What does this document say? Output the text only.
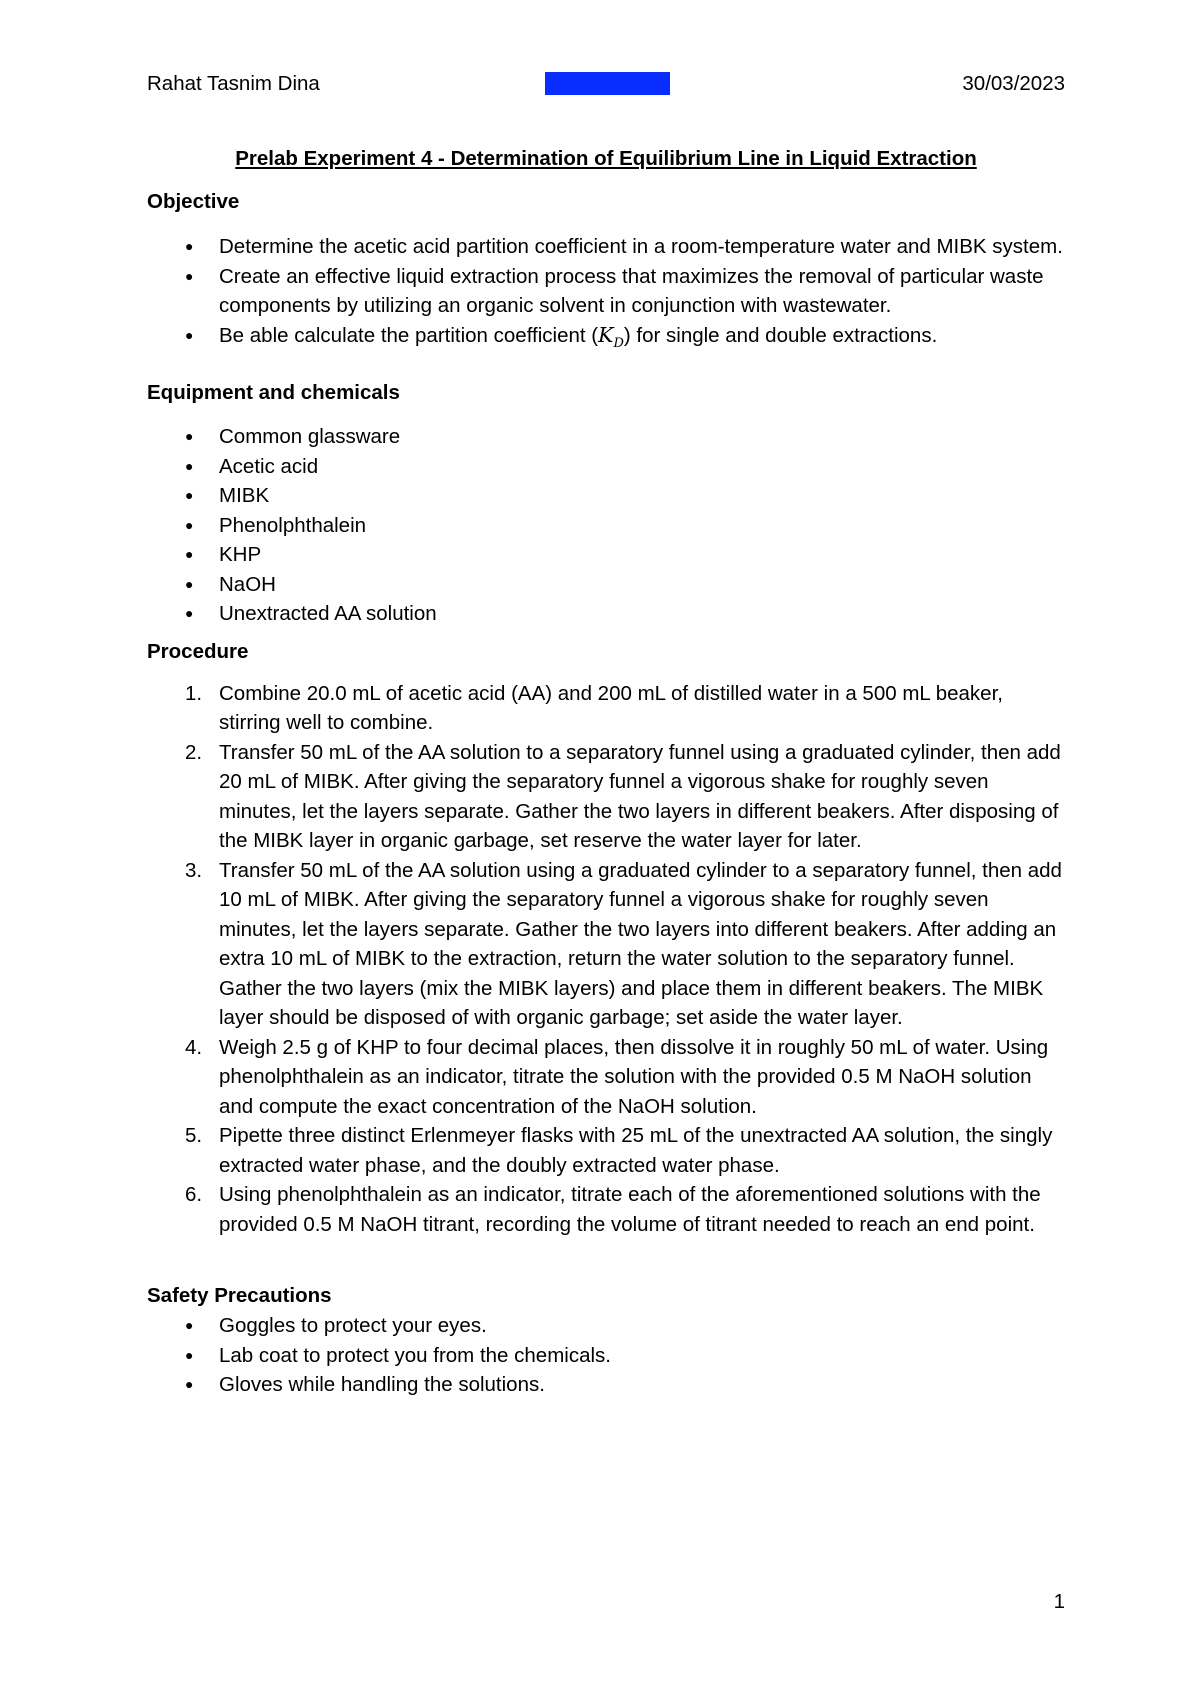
Rahat Tasnim Dina	30/03/2023
Prelab Experiment 4 - Determination of Equilibrium Line in Liquid Extraction
Objective
● Determine the acetic acid partition coefficient in a room-temperature water and MIBK system.
● Create an effective liquid extraction process that maximizes the removal of particular waste components by utilizing an organic solvent in conjunction with wastewater.
● Be able calculate the partition coefficient $(K_D)$ for single and double extractions.
Equipment and chemicals
● Common glassware
● Acetic acid
● MIBK
● Phenolphthalein
● KHP
● NaOH
● Unextracted AA solution
Procedure
1. Combine 20.0 mL of acetic acid (AA) and 200 mL of distilled water in a 500 mL beaker, stirring well to combine.
2. Transfer 50 mL of the AA solution to a separatory funnel using a graduated cylinder, then add 20 mL of MIBK. After giving the separatory funnel a vigorous shake for roughly seven minutes, let the layers separate. Gather the two layers in different beakers. After disposing of the MIBK layer in organic garbage, set reserve the water layer for later.
3. Transfer 50 mL of the AA solution using a graduated cylinder to a separatory funnel, then add 10 mL of MIBK. After giving the separatory funnel a vigorous shake for roughly seven minutes, let the layers separate. Gather the two layers into different beakers. After adding an extra 10 mL of MIBK to the extraction, return the water solution to the separatory funnel. Gather the two layers (mix the MIBK layers) and place them in different beakers. The MIBK layer should be disposed of with organic garbage; set aside the water layer.
4. Weigh 2.5 g of KHP to four decimal places, then dissolve it in roughly 50 mL of water. Using phenolphthalein as an indicator, titrate the solution with the provided 0.5 M NaOH solution and compute the exact concentration of the NaOH solution.
5. Pipette three distinct Erlenmeyer flasks with 25 mL of the unextracted AA solution, the singly extracted water phase, and the doubly extracted water phase.
6. Using phenolphthalein as an indicator, titrate each of the aforementioned solutions with the provided 0.5 M NaOH titrant, recording the volume of titrant needed to reach an end point.
Safety Precautions
● Goggles to protect your eyes.
● Lab coat to protect you from the chemicals.
● Gloves while handling the solutions.
1
